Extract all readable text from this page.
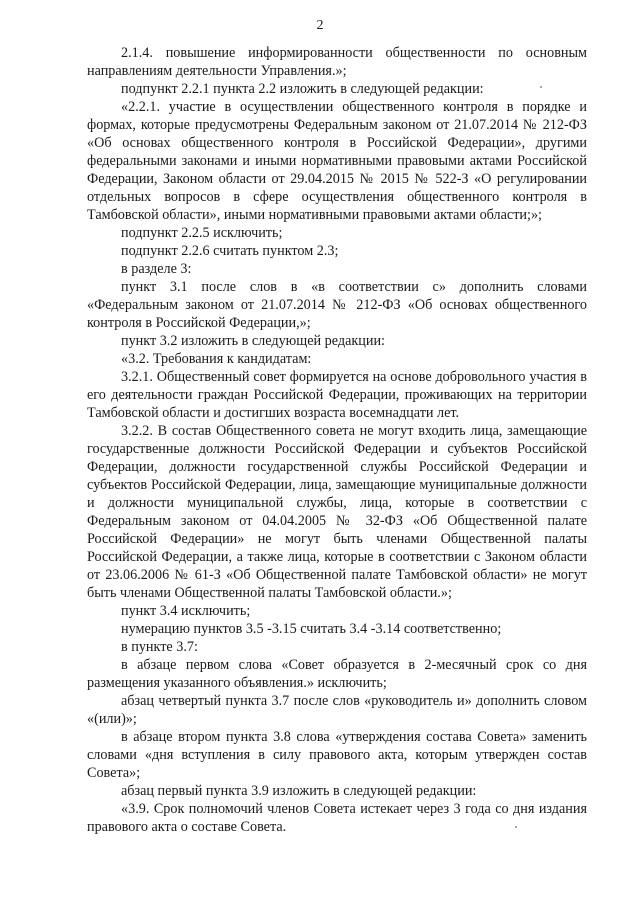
2

2.1.4. повышение информированности общественности по основным направлениям деятельности Управления.»;

подпункт 2.2.1 пункта 2.2 изложить в следующей редакции:

«2.2.1. участие в осуществлении общественного контроля в порядке и формах, которые предусмотрены Федеральным законом от 21.07.2014 № 212-ФЗ «Об основах общественного контроля в Российской Федерации», другими федеральными законами и иными нормативными правовыми актами Российской Федерации, Законом области от 29.04.2015 № 2015 № 522-З «О регулировании отдельных вопросов в сфере осуществления общественного контроля в Тамбовской области», иными нормативными правовыми актами области;»;

подпункт 2.2.5 исключить;

подпункт 2.2.6 считать пунктом 2.3;

в разделе 3:

пункт 3.1 после слов в «в соответствии с» дополнить словами «Федеральным законом от 21.07.2014 № 212-ФЗ «Об основах общественного контроля в Российской Федерации,»;

пункт 3.2 изложить в следующей редакции:

«3.2. Требования к кандидатам:

3.2.1. Общественный совет формируется на основе добровольного участия в его деятельности граждан Российской Федерации, проживающих на территории Тамбовской области и достигших возраста восемнадцати лет.

3.2.2. В состав Общественного совета не могут входить лица, замещающие государственные должности Российской Федерации и субъектов Российской Федерации, должности государственной службы Российской Федерации и субъектов Российской Федерации, лица, замещающие муниципальные должности и должности муниципальной службы, лица, которые в соответствии с Федеральным законом от 04.04.2005 № 32-ФЗ «Об Общественной палате Российской Федерации» не могут быть членами Общественной палаты Российской Федерации, а также лица, которые в соответствии с Законом области от 23.06.2006 № 61-З «Об Общественной палате Тамбовской области» не могут быть членами Общественной палаты Тамбовской области.»;

пункт 3.4 исключить;

нумерацию пунктов 3.5 -3.15 считать 3.4 -3.14 соответственно;

в пункте 3.7:

в абзаце первом слова «Совет образуется в 2-месячный срок со дня размещения указанного объявления.» исключить;

абзац четвертый пункта 3.7 после слов «руководитель и» дополнить словом «(или)»;

в абзаце втором пункта 3.8 слова «утверждения состава Совета» заменить словами «дня вступления в силу правового акта, которым утвержден состав Совета»;

абзац первый пункта 3.9 изложить в следующей редакции:

«3.9. Срок полномочий членов Совета истекает через 3 года со дня издания правового акта о составе Совета.
